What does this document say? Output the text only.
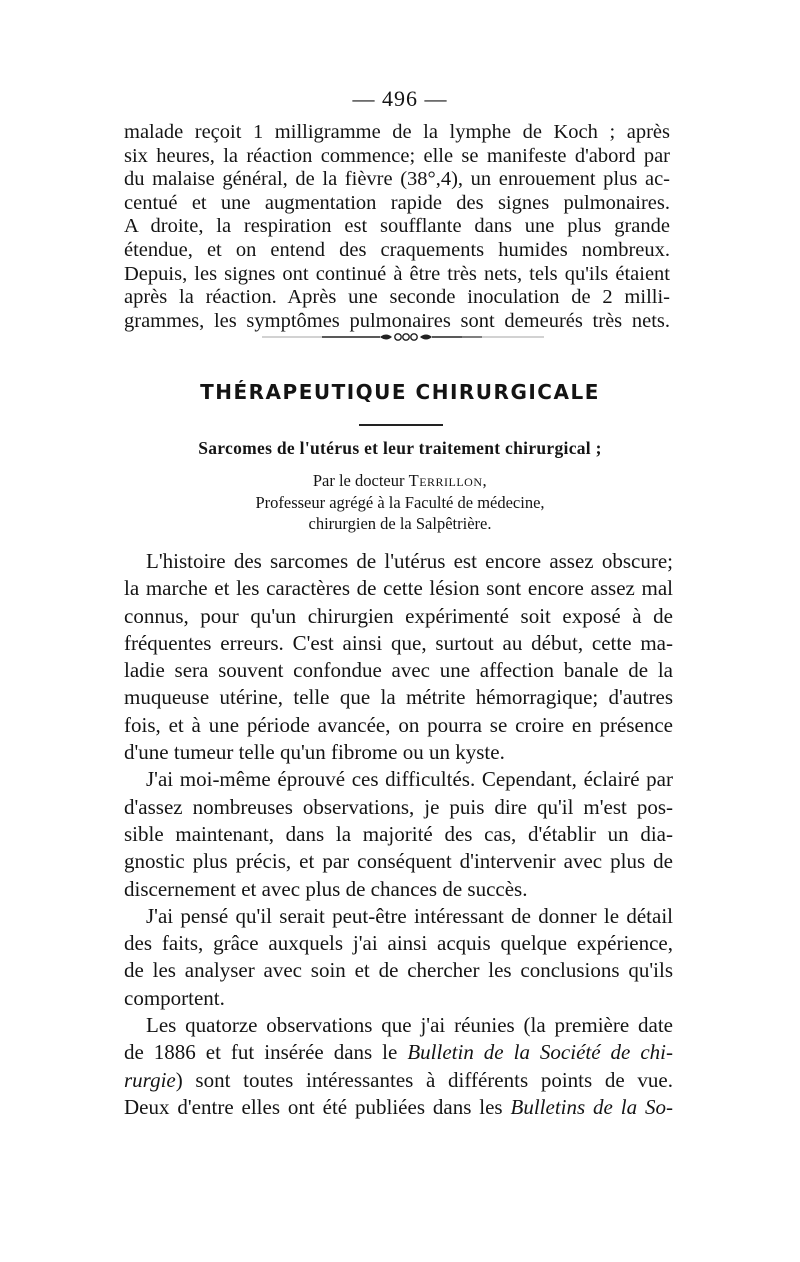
— 496 —
malade reçoit 1 milligramme de la lymphe de Koch ; après
six heures, la réaction commence; elle se manifeste d'abord par
du malaise général, de la fièvre (38°,4), un enrouement plus ac-
centué et une augmentation rapide des signes pulmonaires.
A droite, la respiration est soufflante dans une plus grande
étendue, et on entend des craquements humides nombreux.
Depuis, les signes ont continué à être très nets, tels qu'ils étaient
après la réaction. Après une seconde inoculation de 2 milli-
grammes, les symptômes pulmonaires sont demeurés très nets.
THÉRAPEUTIQUE CHIRURGICALE
Sarcomes de l'utérus et leur traitement chirurgical ;
Par le docteur Terrillon,
Professeur agrégé à la Faculté de médecine,
chirurgien de la Salpêtrière.
L'histoire des sarcomes de l'utérus est encore assez obscure;
la marche et les caractères de cette lésion sont encore assez mal
connus, pour qu'un chirurgien expérimenté soit exposé à de
fréquentes erreurs. C'est ainsi que, surtout au début, cette ma-
ladie sera souvent confondue avec une affection banale de la
muqueuse utérine, telle que la métrite hémorragique; d'autres
fois, et à une période avancée, on pourra se croire en présence
d'une tumeur telle qu'un fibrome ou un kyste.
J'ai moi-même éprouvé ces difficultés. Cependant, éclairé par
d'assez nombreuses observations, je puis dire qu'il m'est pos-
sible maintenant, dans la majorité des cas, d'établir un dia-
gnostic plus précis, et par conséquent d'intervenir avec plus de
discernement et avec plus de chances de succès.
J'ai pensé qu'il serait peut-être intéressant de donner le détail
des faits, grâce auxquels j'ai ainsi acquis quelque expérience,
de les analyser avec soin et de chercher les conclusions qu'ils
comportent.
Les quatorze observations que j'ai réunies (la première date
de 1886 et fut insérée dans le Bulletin de la Société de chi-
rurgie) sont toutes intéressantes à différents points de vue.
Deux d'entre elles ont été publiées dans les Bulletins de la So-
